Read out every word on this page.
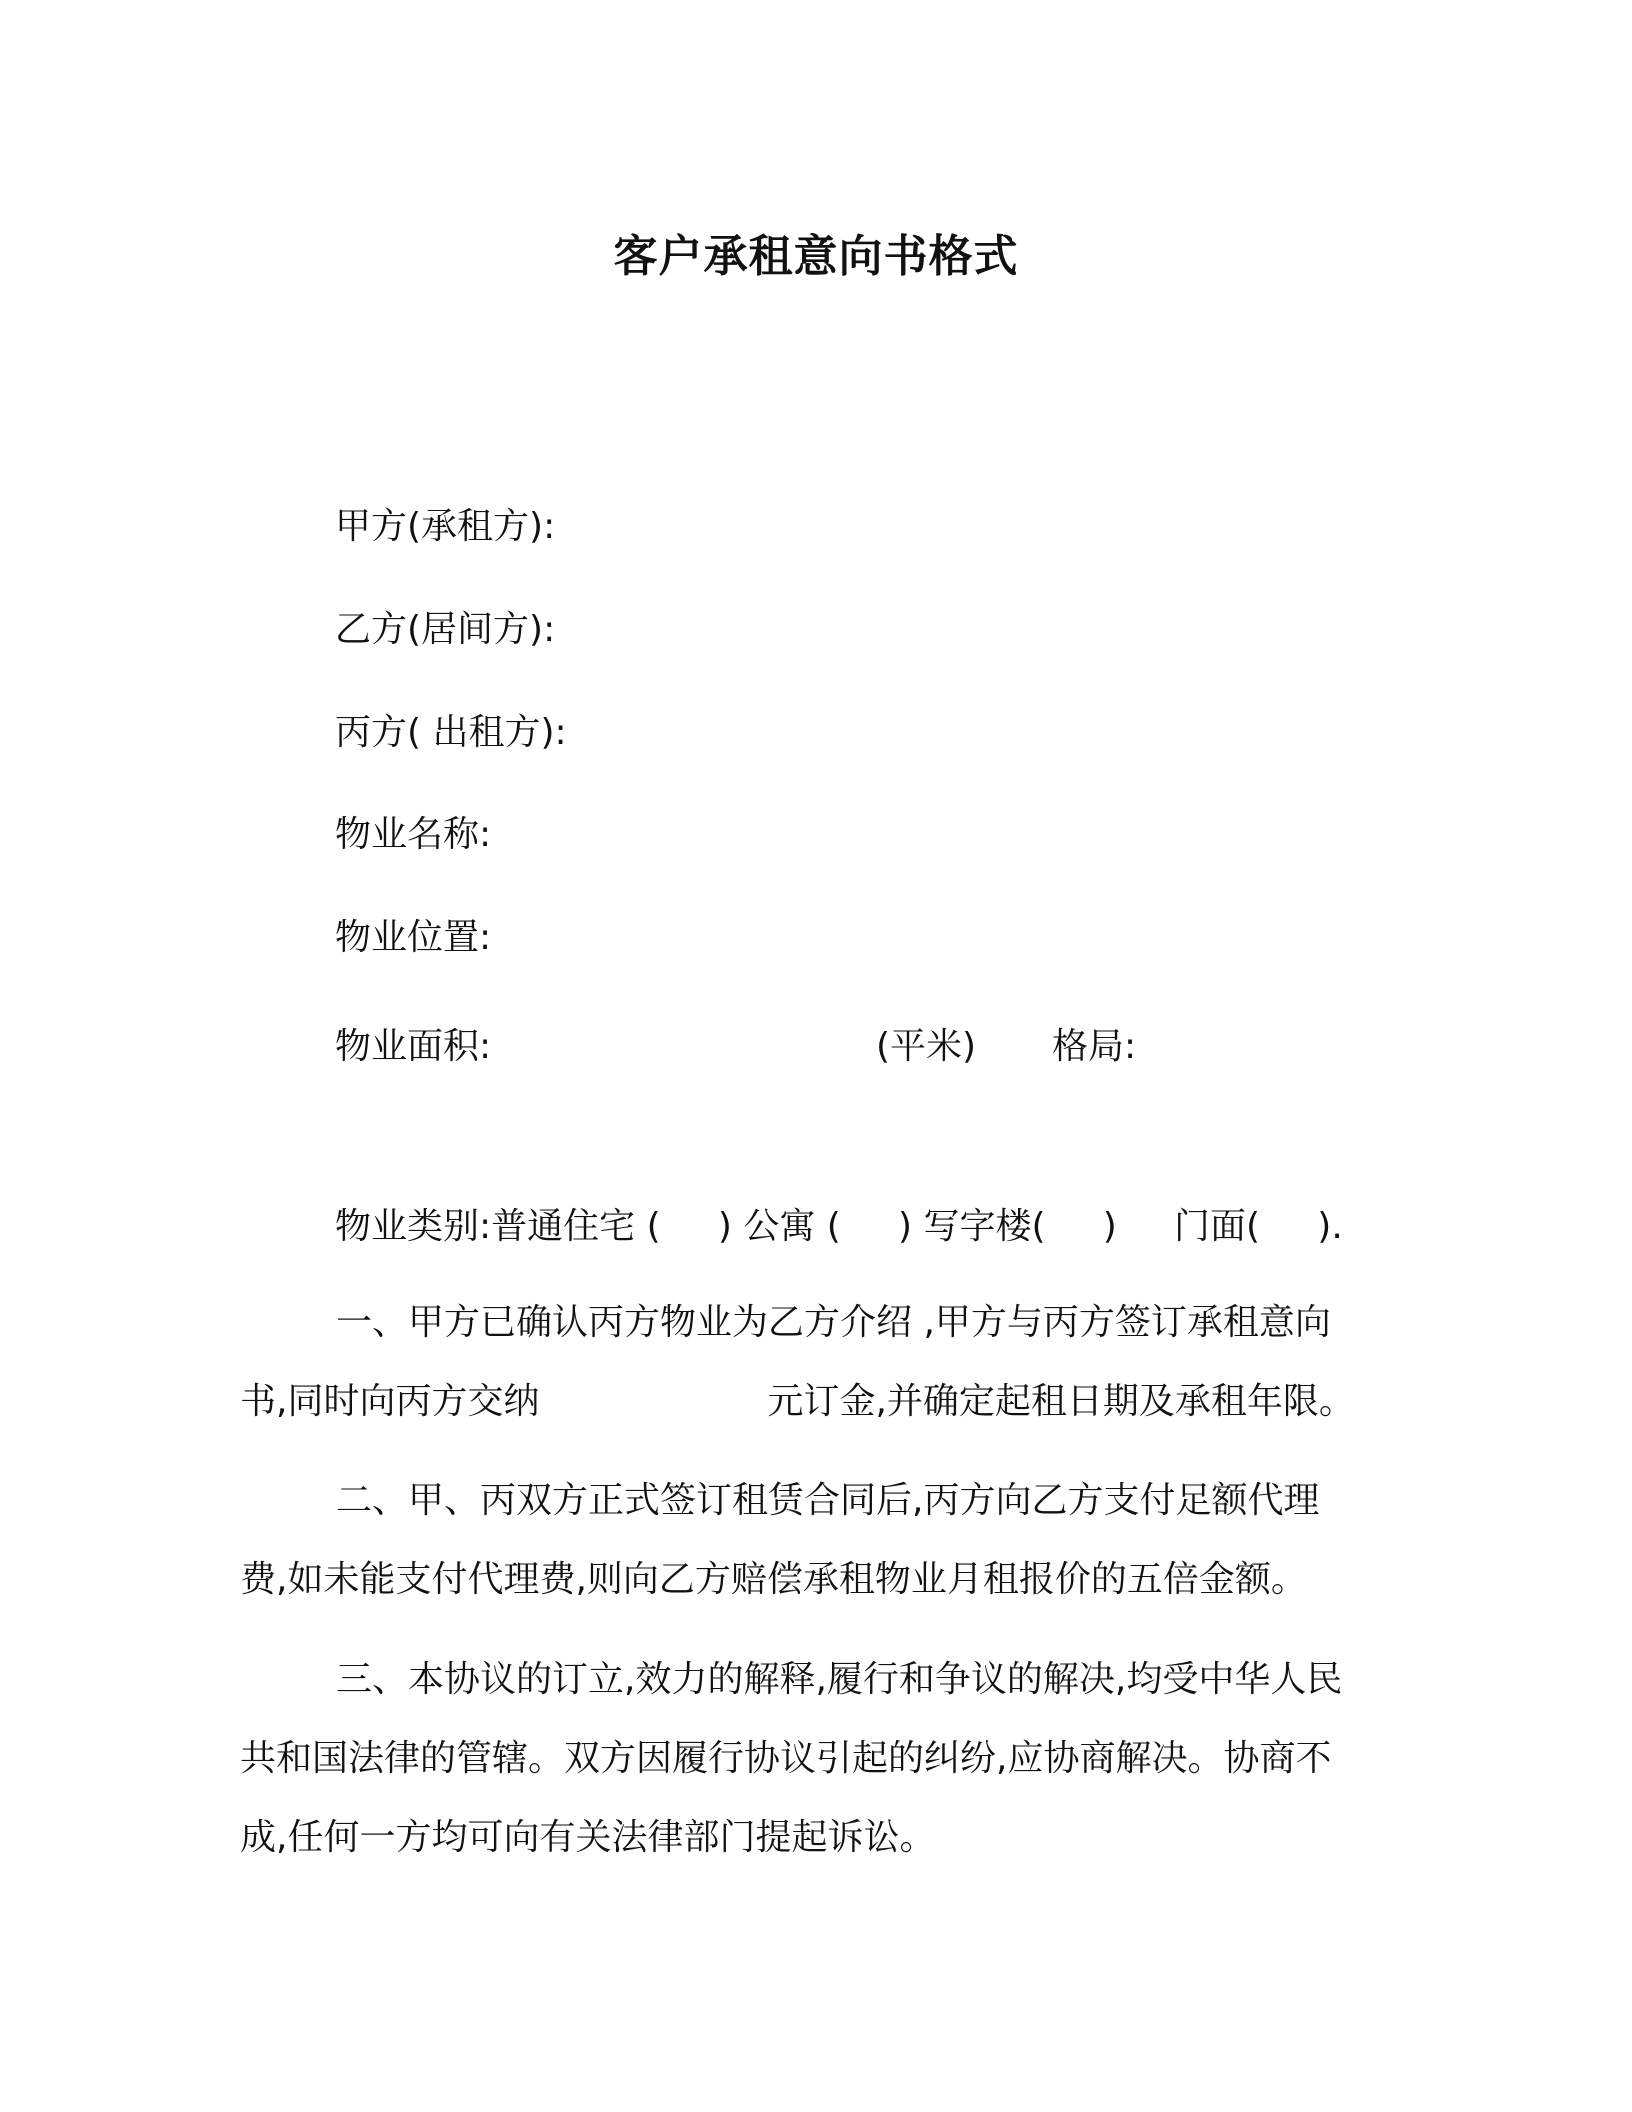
客户承租意向书格式
甲方(承租方):
乙方(居间方):
丙方( 出租方):
物业名称:
物业位置:
物业面积:	(平米) 格局:
物业类别:普通住宅 (     ) 公寓 (     ) 写字楼(     )     门面(     ).
一、甲方已确认丙方物业为乙方介绍 ,甲方与丙方签订承租意向
书,同时向丙方交纳	元订金,并确定起租日期及承租年限。
二、甲、丙双方正式签订租赁合同后,丙方向乙方支付足额代理
费,如未能支付代理费,则向乙方赔偿承租物业月租报价的五倍金额。
三、本协议的订立,效力的解释,履行和争议的解决,均受中华人民
共和国法律的管辖。双方因履行协议引起的纠纷,应协商解决。协商不
成,任何一方均可向有关法律部门提起诉讼。
